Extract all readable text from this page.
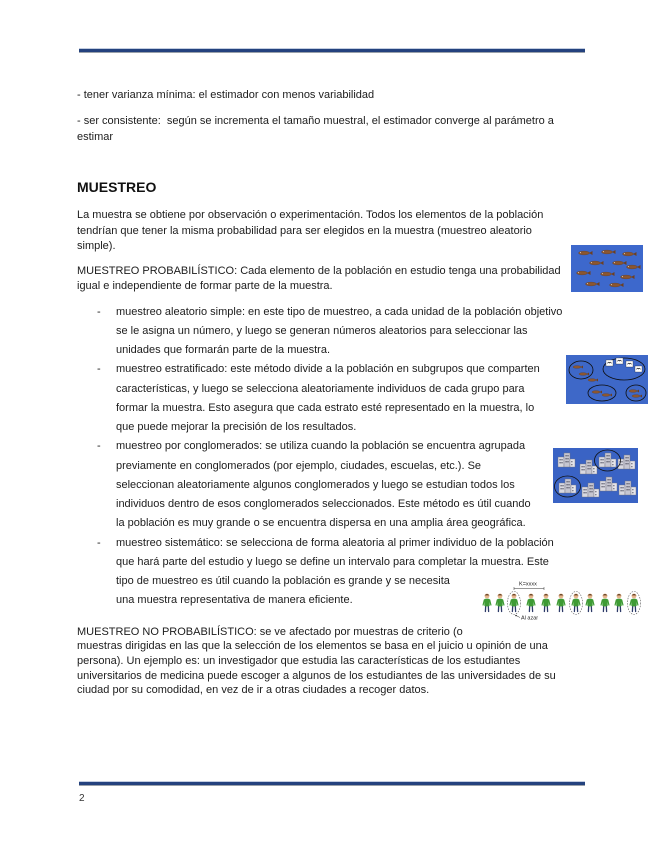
- tener varianza mínima: el estimador con menos variabilidad
- ser consistente:  según se incrementa el tamaño muestral, el estimador converge al parámetro a
estimar
MUESTREO
La muestra se obtiene por observación o experimentación. Todos los elementos de la población
tendrían que tener la misma probabilidad para ser elegidos en la muestra (muestreo aleatorio
simple).
MUESTREO PROBABILÍSTICO: Cada elemento de la población en estudio tenga una probabilidad
igual e independiente de formar parte de la muestra.
- muestreo aleatorio simple: en este tipo de muestreo, a cada unidad de la población objetivo
se le asigna un número, y luego se generan números aleatorios para seleccionar las
unidades que formarán parte de la muestra.
- muestreo estratificado: este método divide a la población en subgrupos que comparten
características, y luego se selecciona aleatoriamente individuos de cada grupo para
formar la muestra. Esto asegura que cada estrato esté representado en la muestra, lo
que puede mejorar la precisión de los resultados.
- muestreo por conglomerados: se utiliza cuando la población se encuentra agrupada
previamente en conglomerados (por ejemplo, ciudades, escuelas, etc.). Se
seleccionan aleatoriamente algunos conglomerados y luego se estudian todos los
individuos dentro de esos conglomerados seleccionados. Este método es útil cuando
la población es muy grande o se encuentra dispersa en una amplia área geográfica.
- muestreo sistemático: se selecciona de forma aleatoria al primer individuo de la población
que hará parte del estudio y luego se define un intervalo para completar la muestra. Este
tipo de muestreo es útil cuando la población es grande y se necesita
una muestra representativa de manera eficiente.
K=xxxx
Al azar
MUESTREO NO PROBABILÍSTICO: se ve afectado por muestras de criterio (o
muestras dirigidas en las que la selección de los elementos se basa en el juicio u opinión de una
persona). Un ejemplo es: un investigador que estudia las características de los estudiantes
universitarios de medicina puede escoger a algunos de los estudiantes de las universidades de su
ciudad por su comodidad, en vez de ir a otras ciudades a recoger datos.
2
